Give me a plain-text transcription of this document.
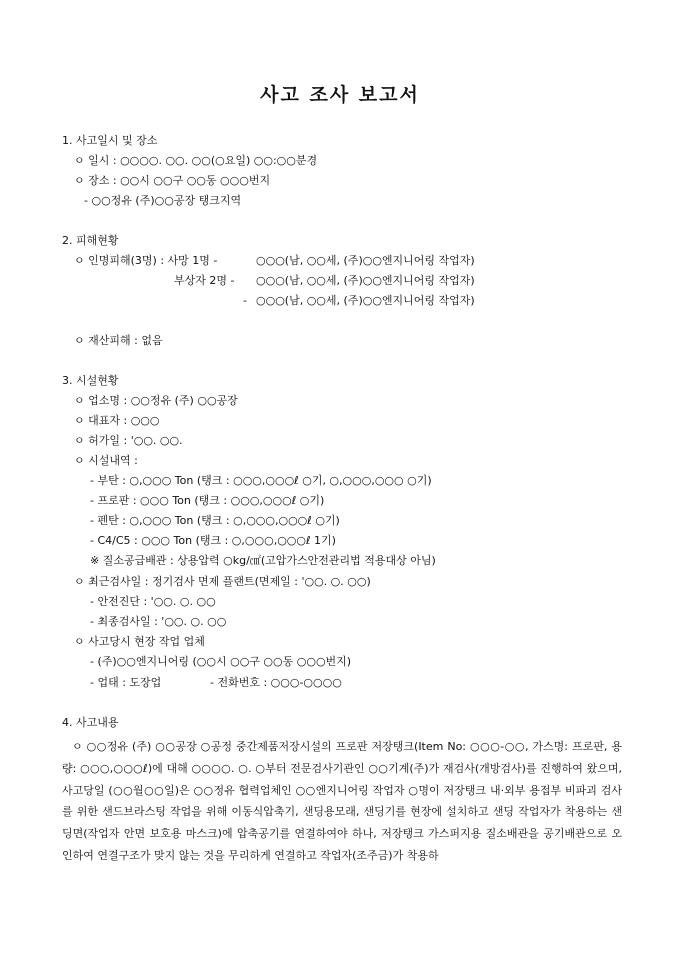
사고 조사 보고서
1. 사고일시 및 장소
ㅇ 일시 : ○○○○. ○○. ○○(○요일) ○○:○○분경
ㅇ 장소 : ○○시 ○○구 ○○동 ○○○번지
- ○○정유 (주)○○공장 탱크지역
2. 피해현황
ㅇ 인명피해(3명) : 사망 1명 -	○○○(남, ○○세, (주)○○엔지니어링 작업자)
부상자 2명 - ○○○(남, ○○세, (주)○○엔지니어링 작업자)
- ○○○(남, ○○세, (주)○○엔지니어링 작업자)
ㅇ 재산피해 : 없음
3. 시설현황
ㅇ 업소명 : ○○정유 (주) ○○공장
ㅇ 대표자 : ○○○
ㅇ 허가일 : '○○. ○○.
ㅇ 시설내역 :
- 부탄 : ○,○○○ Ton (탱크 : ○○○,○○○ℓ ○기, ○,○○○,○○○ ○기)
- 프로판 : ○○○ Ton (탱크 : ○○○,○○○ℓ ○기)
- 펜탄 : ○,○○○ Ton (탱크 : ○,○○○,○○○ℓ ○기)
- C4/C5 : ○○○ Ton (탱크 : ○,○○○,○○○ℓ 1기)
※ 질소공급배관 : 상용압력 ○kg/㎠(고압가스안전관리법 적용대상 아님)
ㅇ 최근검사일 : 정기검사 면제 플랜트(면제일 : '○○. ○. ○○)
- 안전진단 : '○○. ○. ○○
- 최종검사일 : '○○. ○. ○○
ㅇ 사고당시 현장 작업 업체
- (주)○○엔지니어링 (○○시 ○○구 ○○동 ○○○번지)
- 업태 : 도장업	- 전화번호 : ○○○-○○○○
4. 사고내용
ㅇ ○○정유 (주) ○○공장 ○공정 중간제품저장시설의 프로판 저장탱크(Item No: ○○○-○○, 가스명: 프로판, 용량: ○○○,○○○ℓ)에 대해 ○○○○. ○. ○부터 전문검사기관인 ○○기계(주)가 재검사(개방검사)를 진행하여 왔으며, 사고당일 (○○월○○일)은 ○○정유 협력업체인 ○○엔지니어링 작업자 ○명이 저장탱크 내·외부 용접부 비파괴 검사를 위한 샌드브라스팅 작업을 위해 이동식압축기, 샌딩용모래, 샌딩기를 현장에 설치하고 샌딩 작업자가 착용하는 샌딩면(작업자 안면 보호용 마스크)에 압축공기를 연결하여야 하나, 저장탱크 가스퍼지용 질소배관을 공기배관으로 오인하여 연결구조가 맞지 않는 것을 무리하게 연결하고 작업자(조주금)가 착용하
